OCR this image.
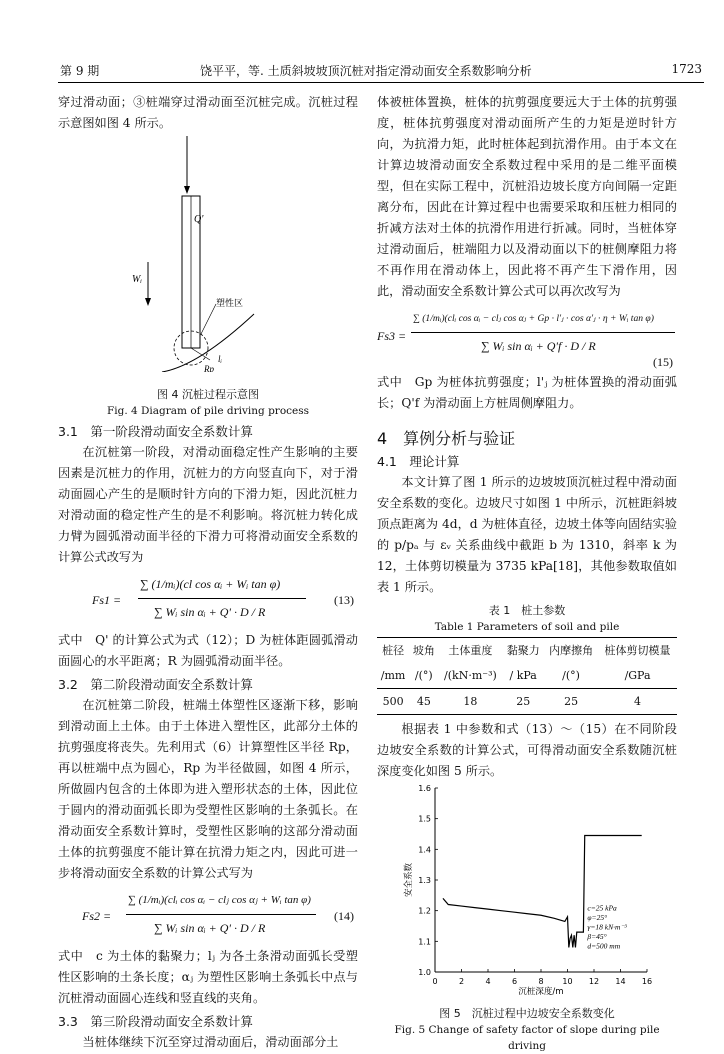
第 9 期	饶平平，等. 土质斜坡坡顶沉桩对指定滑动面安全系数影响分析	1723

穿过滑动面；③桩端穿过滑动面至沉桩完成。沉桩过程示意图如图 4 所示。

Q'
Wᵢ
塑性区
lᵢ
Rp
图 4 沉桩过程示意图
Fig. 4 Diagram of pile driving process
3.1　第一阶段滑动面安全系数计算

在沉桩第一阶段，对滑动面稳定性产生影响的主要因素是沉桩力的作用，沉桩力的方向竖直向下，对于滑动面圆心产生的是顺时针方向的下滑力矩，因此沉桩力对滑动面的稳定性产生的是不利影响。将沉桩力转化成力臂为圆弧滑动面半径的下滑力可将滑动面安全系数的计算公式改写为

Fs1 =
∑ (1/mᵢ)(cl cos αᵢ + Wᵢ tan φ)
∑ Wᵢ sin αᵢ + Q' · D / R
(13)

式中　Q' 的计算公式为式（12）；D 为桩体距圆弧滑动面圆心的水平距离；R 为圆弧滑动面半径。

3.2　第二阶段滑动面安全系数计算

在沉桩第二阶段，桩端土体塑性区逐渐下移，影响到滑动面上土体。由于土体进入塑性区，此部分土体的抗剪强度将丧失。先利用式（6）计算塑性区半径 Rp，再以桩端中点为圆心，Rp 为半径做圆，如图 4 所示，所做圆内包含的土体即为进入塑形状态的土体，因此位于圆内的滑动面弧长即为受塑性区影响的土条弧长。在滑动面安全系数计算时，受塑性区影响的这部分滑动面土体的抗剪强度不能计算在抗滑力矩之内，因此可进一步将滑动面安全系数的计算公式写为

Fs2 =
∑ (1/mᵢ)(clᵢ cos αᵢ − clⱼ cos αⱼ + Wᵢ tan φ)
∑ Wᵢ sin αᵢ + Q' · D / R
(14)

式中　c 为土体的黏聚力；lⱼ 为各土条滑动面弧长受塑性区影响的土条长度；αⱼ 为塑性区影响土条弧长中点与沉桩滑动面圆心连线和竖直线的夹角。

3.3　第三阶段滑动面安全系数计算

当桩体继续下沉至穿过滑动面后，滑动面部分土

体被桩体置换，桩体的抗剪强度要远大于土体的抗剪强度，桩体抗剪强度对滑动面所产生的力矩是逆时针方向，为抗滑力矩，此时桩体起到抗滑作用。由于本文在计算边坡滑动面安全系数过程中采用的是二维平面模型，但在实际工程中，沉桩沿边坡长度方向间隔一定距离分布，因此在计算过程中也需要采取和压桩力相同的折减方法对土体的抗滑作用进行折减。同时，当桩体穿过滑动面后，桩端阻力以及滑动面以下的桩侧摩阻力将不再作用在滑动体上，因此将不再产生下滑作用，因此，滑动面安全系数计算公式可以再次改写为

Fs3 =
∑ (1/mᵢ)(clᵢ cos αᵢ − clⱼ cos αⱼ + Gp · l'ⱼ · cos α'ⱼ · η + Wᵢ tan φ)
∑ Wᵢ sin αᵢ + Q'f · D / R
(15)

式中　Gp 为桩体抗剪强度；l'ⱼ 为桩体置换的滑动面弧长；Q'f 为滑动面上方桩周侧摩阻力。

4　算例分析与验证
4.1　理论计算

本文计算了图 1 所示的边坡坡顶沉桩过程中滑动面安全系数的变化。边坡尺寸如图 1 中所示，沉桩距斜坡顶点距离为 4d，d 为桩体直径，边坡土体等向固结实验的 p/pₐ 与 εᵥ 关系曲线中截距 b 为 1310，斜率 k 为 12，土体剪切模量为 3735 kPa[18]，其他参数取值如表 1 所示。

表 1　桩土参数
Table 1 Parameters of soil and pile
桩径	坡角	土体重度	黏聚力	内摩擦角	桩体剪切模量
/mm	/(°)	/(kN·m⁻³)	/ kPa	/(°)	/GPa
500	45	18	25	25	4

根据表 1 中参数和式（13）～（15）在不同阶段边坡安全系数的计算公式，可得滑动面安全系数随沉桩深度变化如图 5 所示。

0	2	4	6	8 10 12 14 16
1.0
1.1
1.2
1.3
1.4
1.5
1.6
沉桩深度/m
安全系数
c=25 kPa
φ=25°
γ=18 kN·m⁻³
β=45°
d=500 mm
图 5　沉桩过程中边坡安全系数变化
Fig. 5 Change of safety factor of slope during pile driving
